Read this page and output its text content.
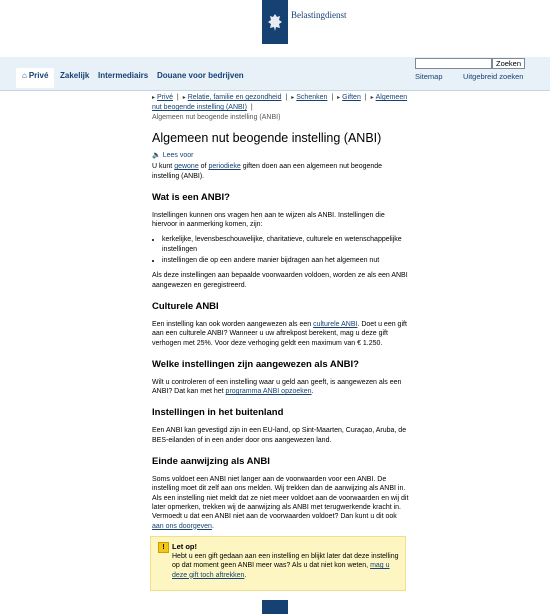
Belastingdienst
⌂ Privé	Zakelijk Intermediairs Douane voor bedrijven
Zoeken
Sitemap	Uitgebreid zoeken
▸ Privé | ▸ Relatie, familie en gezondheid | ▸ Schenken | ▸ Giften | ▸ Algemeen nut beogende instelling (ANBI) |
Algemeen nut beogende instelling (ANBI)
Algemeen nut beogende instelling (ANBI)
🔈 Lees voor

U kunt gewone of periodieke giften doen aan een algemeen nut beogende instelling (ANBI).

Wat is een ANBI?

Instellingen kunnen ons vragen hen aan te wijzen als ANBI. Instellingen die hiervoor in aanmerking komen, zijn:

• kerkelijke, levensbeschouwelijke, charitatieve, culturele en wetenschappelijke instellingen
• instellingen die op een andere manier bijdragen aan het algemeen nut

Als deze instellingen aan bepaalde voorwaarden voldoen, worden ze als een ANBI aangewezen en geregistreerd.

Culturele ANBI

Een instelling kan ook worden aangewezen als een culturele ANBI. Doet u een gift aan een culturele ANBI? Wanneer u uw aftrekpost berekent, mag u deze gift verhogen met 25%. Voor deze verhoging geldt een maximum van € 1.250.

Welke instellingen zijn aangewezen als ANBI?

Wilt u controleren of een instelling waar u geld aan geeft, is aangewezen als een ANBI? Dat kan met het programma ANBI opzoeken.

Instellingen in het buitenland

Een ANBI kan gevestigd zijn in een EU-land, op Sint-Maarten, Curaçao, Aruba, de BES-eilanden of in een ander door ons aangewezen land.

Einde aanwijzing als ANBI

Soms voldoet een ANBI niet langer aan de voorwaarden voor een ANBI. De instelling moet dit zelf aan ons melden. Wij trekken dan de aanwijzing als ANBI in. Als een instelling niet meldt dat ze niet meer voldoet aan de voorwaarden en wij dit later opmerken, trekken wij de aanwijzing als ANBI met terugwerkende kracht in. Vermoedt u dat een ANBI niet aan de voorwaarden voldoet? Dan kunt u dit ook aan ons doorgeven.

! Let op!
Hebt u een gift gedaan aan een instelling en blijkt later dat deze instelling op dat moment geen ANBI meer was? Als u dat niet kon weten, mag u deze gift toch aftrekken.
